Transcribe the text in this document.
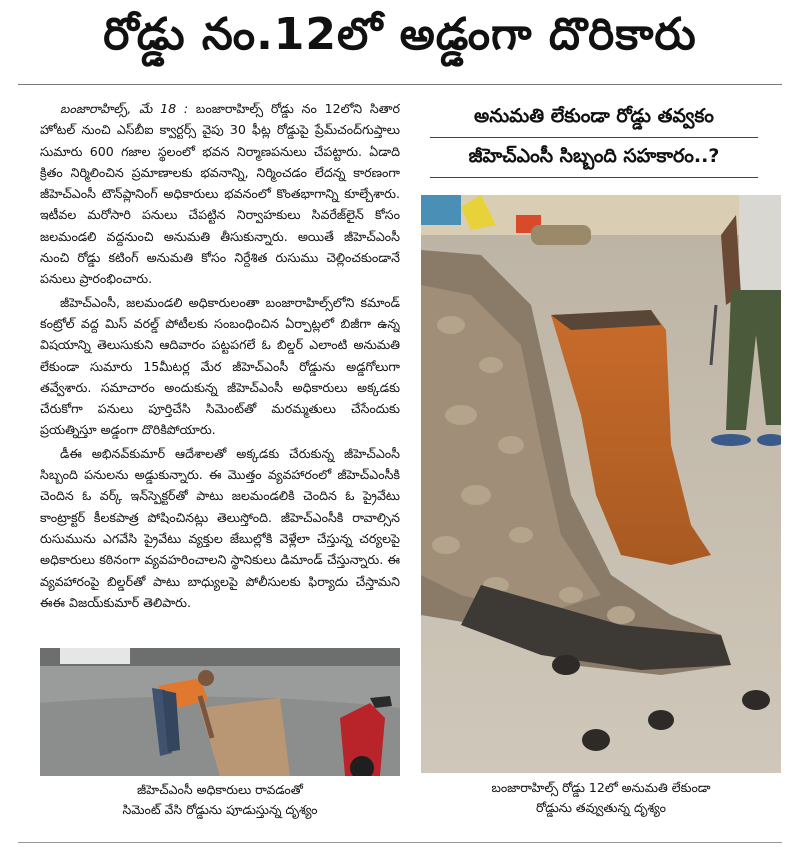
రోడ్డు నం.12లో అడ్డంగా దొరికారు

బంజారాహిల్స్‌, మే 18 : బంజారాహిల్స్‌ రోడ్డు నం 12లోని సితార హోటల్‌ నుంచి ఎస్‌బీఐ క్వార్టర్స్‌ వైపు 30 ఫీట్ల రోడ్డుపై ప్రేమ్‌చంద్‌గుప్తాలు సుమారు 600 గజాల స్థలంలో భవన నిర్మాణపనులు చేపట్టారు. ఏడాది క్రితం నిర్మిలించిన ప్రమాణాలకు భవనాన్ని, నిర్మించడం లేదన్న కారణంగా జీహెచ్‌ఎంసీ టౌన్‌ప్లానింగ్‌ అధికారులు భవనంలో కొంతభాగాన్ని కూల్చేశారు. ఇటీవల మరోసారి పనులు చేపట్టిన నిర్వాహకులు సివరేజ్‌లైన్‌ కోసం జలమండలి వద్దనుంచి అనుమతి తీసుకున్నారు. అయితే జీహెచ్‌ఎంసీ నుంచి రోడ్డు కటింగ్‌ అనుమతి కోసం నిర్దేశిత రుసుము చెల్లించకుండానే పనులు ప్రారంభించారు.

జీహెచ్‌ఎంసీ, జలమండలి అధికారులంతా బంజారాహిల్స్‌లోని కమాండ్‌ కంట్రోల్‌ వద్ద మిస్‌ వరల్డ్‌ పోటీలకు సంబంధించిన ఏర్పాట్లలో బిజీగా ఉన్న విషయాన్ని తెలుసుకుని ఆదివారం పట్టపగలే ఓ బిల్డర్‌ ఎలాంటి అనుమతి లేకుండా సుమారు 15మీటర్ల మేర జీహెచ్‌ఎంసీ రోడ్డును అడ్డగోలుగా తవ్వేశారు. సమాచారం అందుకున్న జీహెచ్‌ఎంసీ అధికారులు అక్కడకు చేరుకోగా పనులు పూర్తిచేసి సిమెంట్‌తో మరమ్మతులు చేసేందుకు ప్రయత్నిస్తూ అడ్డంగా దొరికిపోయారు.

డీఈ అభినవ్‌కుమార్‌ ఆదేశాలతో అక్కడకు చేరుకున్న జీహెచ్‌ఎంసీ సిబ్బంది పనులను అడ్డుకున్నారు. ఈ మొత్తం వ్యవహారంలో జీహెచ్‌ఎంసీకి చెందిన ఓ వర్క్‌ ఇన్‌స్పెక్టర్‌తో పాటు జలమండలికి చెందిన ఓ ప్రైవేటు కాంట్రాక్టర్‌ కీలకపాత్ర పోషించినట్లు తెలుస్తోంది. జీహెచ్‌ఎంసీకి రావాల్సిన రుసుమును ఎగవేసి ప్రైవేటు వ్యక్తుల జేబుల్లోకి వెళ్లేలా చేస్తున్న చర్యలపై అధికారులు కఠినంగా వ్యవహరించాలని స్థానికులు డిమాండ్‌ చేస్తున్నారు. ఈ వ్యవహారంపై బిల్డర్‌తో పాటు బాధ్యులపై పోలీసులకు ఫిర్యాదు చేస్తామని ఈఈ విజయ్‌కుమార్‌ తెలిపారు.

అనుమతి లేకుండా రోడ్డు తవ్వకం
జీహెచ్‌ఎంసీ సిబ్బంది సహకారం..?
బంజారాహిల్స్‌ రోడ్డు 12లో అనుమతి లేకుండా
రోడ్డును తవ్వుతున్న దృశ్యం
జీహెచ్‌ఎంసీ అధికారులు రావడంతో
సిమెంట్‌ వేసి రోడ్డును పూడుస్తున్న దృశ్యం
